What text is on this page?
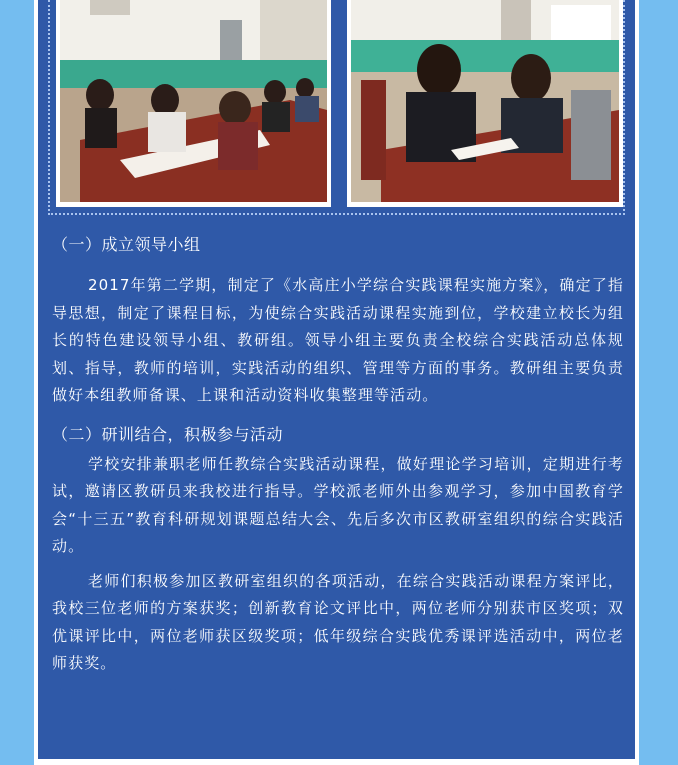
（一）成立领导小组

2017年第二学期，制定了《水高庄小学综合实践课程实施方案》，确定了指导思想，制定了课程目标，为使综合实践活动课程实施到位，学校建立校长为组长的特色建设领导小组、教研组。领导小组主要负责全校综合实践活动总体规划、指导，教师的培训，实践活动的组织、管理等方面的事务。教研组主要负责做好本组教师备课、上课和活动资料收集整理等活动。

（二）研训结合，积极参与活动

学校安排兼职老师任教综合实践活动课程，做好理论学习培训，定期进行考试，邀请区教研员来我校进行指导。学校派老师外出参观学习，参加中国教育学会“十三五”教育科研规划课题总结大会、先后多次市区教研室组织的综合实践活动。

老师们积极参加区教研室组织的各项活动，在综合实践活动课程方案评比，我校三位老师的方案获奖；创新教育论文评比中，两位老师分别获市区奖项；双优课评比中，两位老师获区级奖项；低年级综合实践优秀课评选活动中，两位老师获奖。
